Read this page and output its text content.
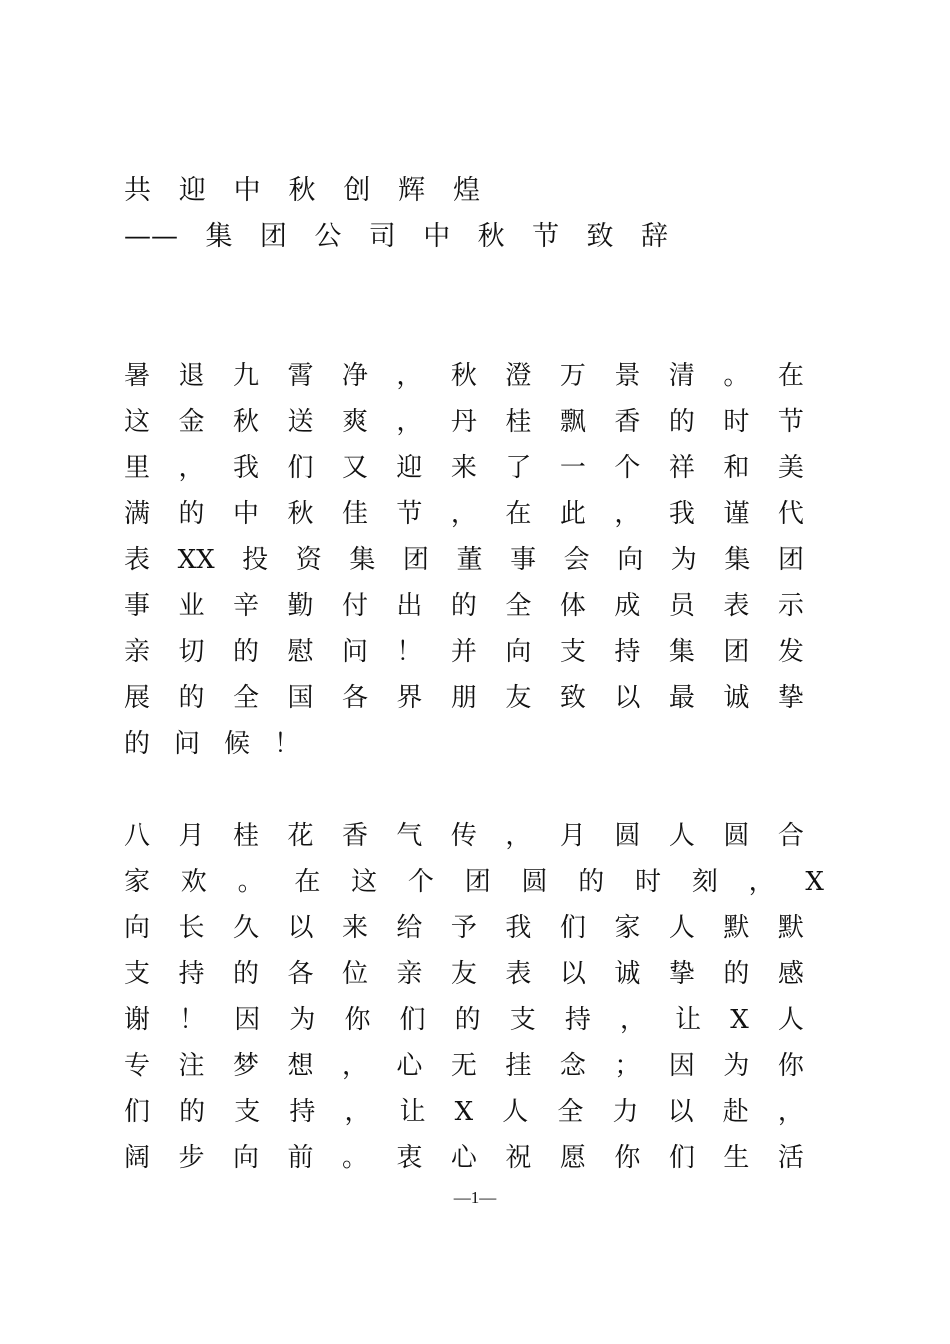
共 迎 中 秋 创 辉 煌
—— 集 团 公 司 中 秋 节 致 辞
暑 退 九 霄 净 ， 秋 澄 万 景 清 。 在
这 金 秋 送 爽 ， 丹 桂 飘 香 的 时 节
里 ， 我 们 又 迎 来 了 一 个 祥 和 美
满 的 中 秋 佳 节 ， 在 此 ， 我 谨 代
表 XX 投 资 集 团 董 事 会 向 为 集 团
事 业 辛 勤 付 出 的 全 体 成 员 表 示
亲 切 的 慰 问 ！ 并 向 支 持 集 团 发
展 的 全 国 各 界 朋 友 致 以 最 诚 挚
的 问 候 ！
八 月 桂 花 香 气 传 ， 月 圆 人 圆 合
家 欢 。 在 这 个 团 圆 的 时 刻 ， X
向 长 久 以 来 给 予 我 们 家 人 默 默
支 持 的 各 位 亲 友 表 以 诚 挚 的 感
谢 ！ 因 为 你 们 的 支 持 ， 让 X 人
专 注 梦 想 ， 心 无 挂 念 ； 因 为 你
们 的 支 持 ， 让 X 人 全 力 以 赴 ，
阔 步 向 前 。 衷 心 祝 愿 你 们 生 活
—1—
